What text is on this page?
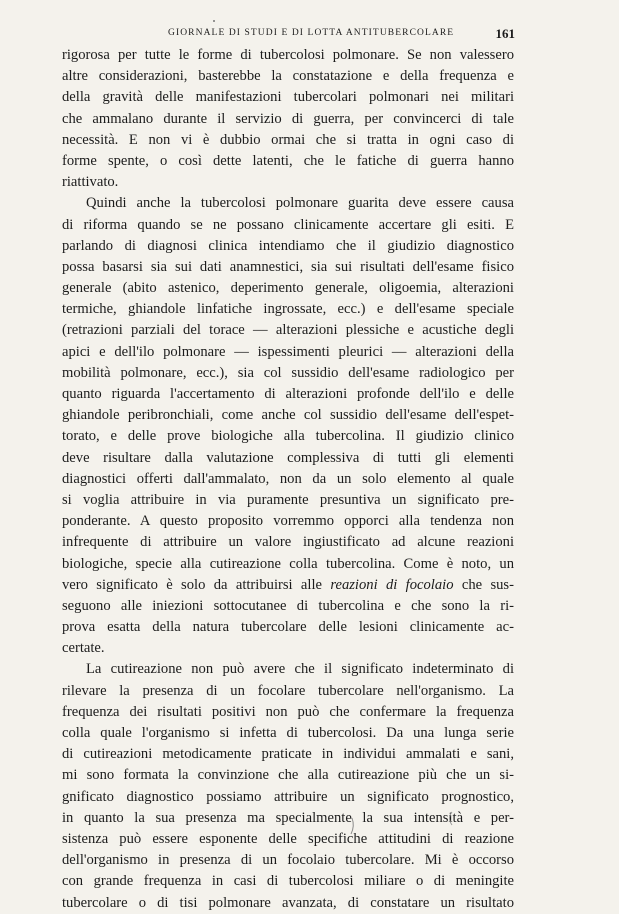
GIORNALE DI STUDI E DI LOTTA ANTITUBERCOLARE	161
rigorosa per tutte le forme di tubercolosi polmonare. Se non valessero
altre considerazioni, basterebbe la constatazione e della frequenza e
della gravità delle manifestazioni tubercolari polmonari nei militari
che ammalano durante il servizio di guerra, per convincerci di tale
necessità. E non vi è dubbio ormai che si tratta in ogni caso di
forme spente, o così dette latenti, che le fatiche di guerra hanno
riattivato.
Quindi anche la tubercolosi polmonare guarita deve essere causa
di riforma quando se ne possano clinicamente accertare gli esiti. E
parlando di diagnosi clinica intendiamo che il giudizio diagnostico
possa basarsi sia sui dati anamnestici, sia sui risultati dell'esame fisico
generale (abito astenico, deperimento generale, oligoemia, alterazioni
termiche, ghiandole linfatiche ingrossate, ecc.) e dell'esame speciale
(retrazioni parziali del torace — alterazioni plessiche e acustiche degli
apici e dell'ilo polmonare — ispessimenti pleurici — alterazioni della
mobilità polmonare, ecc.), sia col sussidio dell'esame radiologico per
quanto riguarda l'accertamento di alterazioni profonde dell'ilo e delle
ghiandole peribronchiali, come anche col sussidio dell'esame dell'espet-
torato, e delle prove biologiche alla tubercolina. Il giudizio clinico
deve risultare dalla valutazione complessiva di tutti gli elementi
diagnostici offerti dall'ammalato, non da un solo elemento al quale
si voglia attribuire in via puramente presuntiva un significato pre-
ponderante. A questo proposito vorremmo opporci alla tendenza non
infrequente di attribuire un valore ingiustificato ad alcune reazioni
biologiche, specie alla cutireazione colla tubercolina. Come è noto, un
vero significato è solo da attribuirsi alle reazioni di focolaio che sus-
seguono alle iniezioni sottocutanee di tubercolina e che sono la ri-
prova esatta della natura tubercolare delle lesioni clinicamente ac-
certate.
La cutireazione non può avere che il significato indeterminato di
rilevare la presenza di un focolare tubercolare nell'organismo. La
frequenza dei risultati positivi non può che confermare la frequenza
colla quale l'organismo si infetta di tubercolosi. Da una lunga serie
di cutireazioni metodicamente praticate in individui ammalati e sani,
mi sono formata la convinzione che alla cutireazione più che un si-
gnificato diagnostico possiamo attribuire un significato prognostico,
in quanto la sua presenza ma specialmente la sua intensità e per-
sistenza può essere esponente delle specifiche attitudini di reazione
dell'organismo in presenza di un focolaio tubercolare. Mi è occorso
con grande frequenza in casi di tubercolosi miliare o di meningite
tubercolare o di tisi polmonare avanzata, di constatare un risultato
